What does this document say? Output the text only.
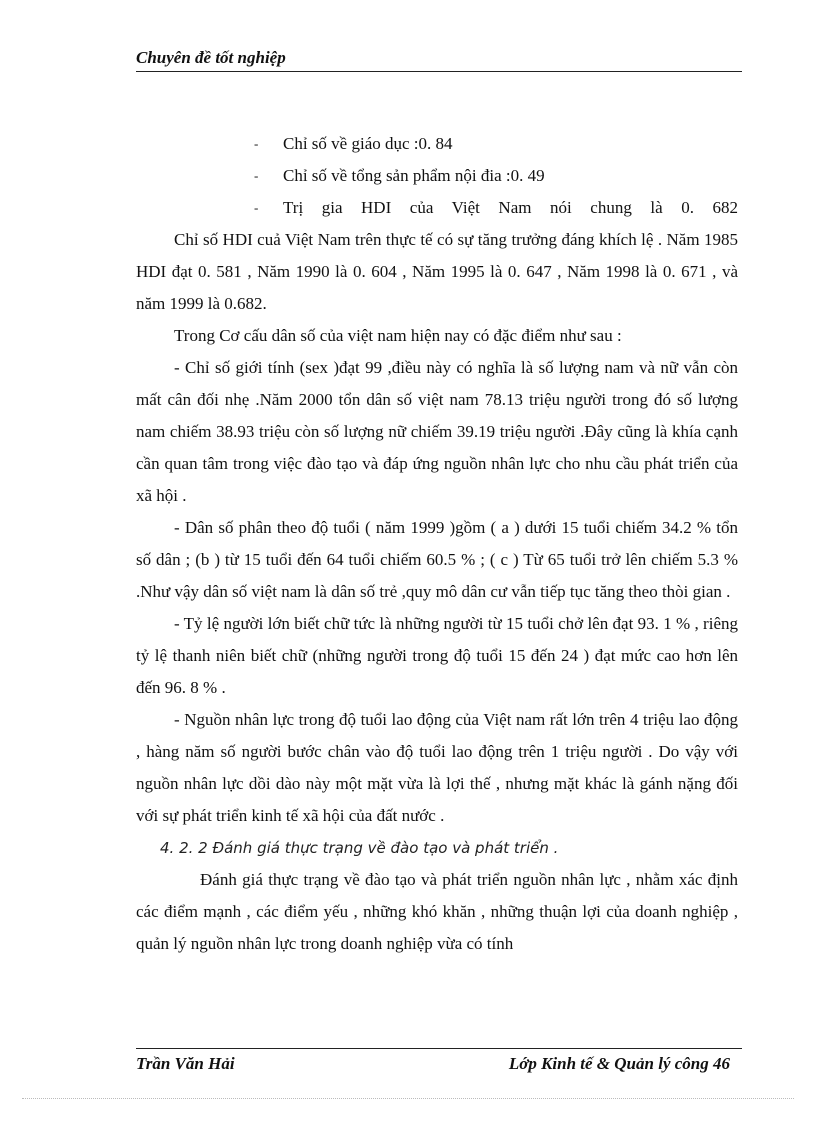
Chuyên đề tốt nghiệp
‐ Chỉ số về giáo dục :0. 84
‐ Chỉ số về tổng sản phẩm nội đia :0. 49
‐ Trị gia HDI của Việt Nam nói chung là 0. 682
Chỉ số HDI cuả Việt Nam trên thực tế có sự tăng trưởng đáng khích lệ . Năm 1985 HDI đạt 0. 581 , Năm 1990 là 0. 604 , Năm 1995 là 0. 647 , Năm 1998 là 0. 671 , và năm 1999 là 0.682.
Trong Cơ cấu dân số của việt nam hiện nay có đặc điểm như sau :
‐ Chỉ số giới tính (sex )đạt 99 ,điều này có nghĩa là số lượng nam và nữ vẫn còn mất cân đối nhẹ .Năm 2000 tổn dân số việt nam 78.13 triệu người trong đó số lượng nam chiếm 38.93 triệu còn số lượng nữ chiếm 39.19 triệu người .Đây cũng là khía cạnh cần quan tâm trong việc đào tạo và đáp ứng nguồn nhân lực cho nhu cầu phát triển của xã hội .
‐ Dân số phân theo độ tuổi ( năm 1999 )gồm ( a ) dưới 15 tuổi chiếm 34.2 % tổn số dân ; (b ) từ 15 tuổi đến 64 tuổi chiếm 60.5 % ; ( c ) Từ 65 tuổi trở lên chiếm 5.3 % .Như vậy dân số việt nam là dân số trẻ ,quy mô dân cư vẫn tiếp tục tăng theo thòi gian .
‐ Tỷ lệ người lớn biết chữ tức là những người từ 15 tuổi chở lên đạt 93. 1 % , riêng tỷ lệ thanh niên biết chữ (những người trong độ tuổi 15 đến 24 ) đạt mức cao hơn lên đến 96. 8 % .
‐ Nguồn nhân lực trong độ tuổi lao động của Việt nam rất lớn trên 4 triệu lao động , hàng năm số người bước chân vào độ tuổi lao động trên 1 triệu người . Do vậy với nguồn nhân lực dồi dào này một mặt vừa là lợi thế , nhưng mặt khác là gánh nặng đối với sự phát triển kinh tế xã hội của đất nước .
4. 2. 2 Đánh giá thực trạng về đào tạo và phát triển .
Đánh giá thực trạng về đào tạo và phát triển nguồn nhân lực , nhằm xác định các điểm mạnh , các điểm yếu , những khó khăn , những thuận lợi của doanh nghiệp , quản lý nguồn nhân lực trong doanh nghiệp vừa có tính
Trần Văn Hải	Lớp Kinh tế & Quản lý công 46
